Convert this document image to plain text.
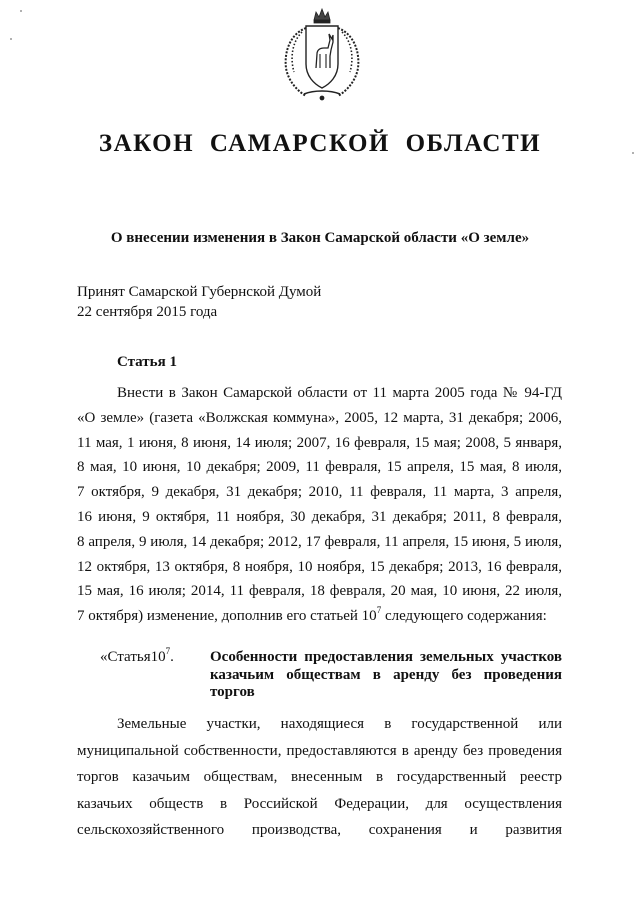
ЗАКОН САМАРСКОЙ ОБЛАСТИ
О внесении изменения в Закон Самарской области «О земле»
Принят Самарской Губернской Думой
22 сентября 2015 года
Статья 1
Внести в Закон Самарской области от 11 марта 2005 года № 94-ГД
«О земле» (газета «Волжская коммуна», 2005, 12 марта, 31 декабря; 2006,
11 мая, 1 июня, 8 июня, 14 июля; 2007, 16 февраля, 15 мая; 2008, 5 января,
8 мая, 10 июня, 10 декабря; 2009, 11 февраля, 15 апреля, 15 мая, 8 июля,
7 октября, 9 декабря, 31 декабря; 2010, 11 февраля, 11 марта, 3 апреля,
16 июня, 9 октября, 11 ноября, 30 декабря, 31 декабря; 2011, 8 февраля,
8 апреля, 9 июля, 14 декабря; 2012, 17 февраля, 11 апреля, 15 июня, 5 июля,
12 октября, 13 октября, 8 ноября, 10 ноября, 15 декабря; 2013, 16 февраля,
15 мая, 16 июля; 2014, 11 февраля, 18 февраля, 20 мая, 10 июня, 22 июля,
7 октября) изменение, дополнив его статьей $10^7$ следующего содержания:
«$Статья10^7$. Особенности предоставления земельных участков
казачьим обществам в аренду без проведения
торгов
Земельные участки, находящиеся в государственной или
муниципальной собственности, предоставляются в аренду без проведения
торгов казачьим обществам, внесенным в государственный реестр
казачьих обществ в Российской Федерации, для осуществления
сельскохозяйственного производства, сохранения и развития
